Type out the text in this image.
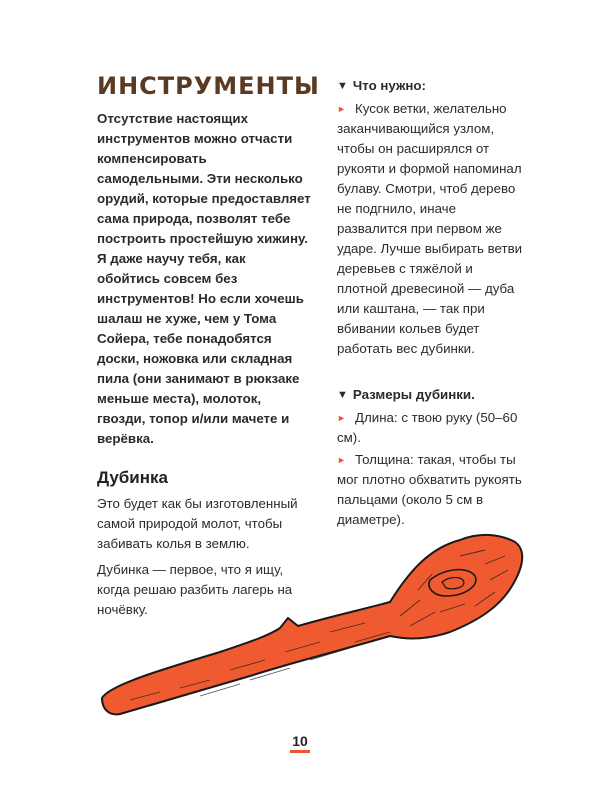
ИНСТРУМЕНТЫ

Отсутствие настоящих инструментов можно отчасти компенсировать самодельными. Эти несколько орудий, которые предоставляет сама природа, позволят тебе построить простейшую хижину. Я даже научу тебя, как обойтись совсем без инструментов! Но если хочешь шалаш не хуже, чем у Тома Сойера, тебе понадобятся доски, ножовка или складная пила (они занимают в рюкзаке меньше места), молоток, гвозди, топор и/или мачете и верёвка.

Дубинка

Это будет как бы изготовленный самой природой молот, чтобы забивать колья в землю.

Дубинка — первое, что я ищу, когда решаю разбить лагерь на ночёвку.

▼ Что нужно:

► Кусок ветки, желательно заканчивающийся узлом, чтобы он расширялся от рукояти и формой напоминал булаву. Смотри, чтоб дерево не подгнило, иначе развалится при первом же ударе. Лучше выбирать ветви деревьев с тяжёлой и плотной древесиной — дуба или каштана, — так при вбивании кольев будет работать вес дубинки.

▼ Размеры дубинки.

► Длина: с твою руку (50–60 см).

► Толщина: такая, чтобы ты мог плотно обхватить рукоять пальцами (около 5 см в диаметре).

10
